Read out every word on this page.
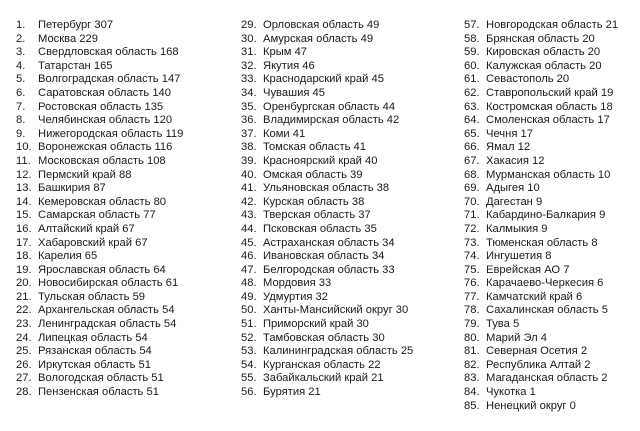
1.	Петербург 307
2.	Москва 229
3.	Свердловская область 168
4.	Татарстан 165
5.	Волгоградская область 147
6.	Саратовская область 140
7.	Ростовская область 135
8.	Челябинская область 120
9.	Нижегородская область 119
10. Воронежская область 116
11. Московская область 108
12. Пермский край 88
13. Башкирия 87
14. Кемеровская область 80
15. Самарская область 77
16. Алтайский край 67
17. Хабаровский край 67
18. Карелия 65
19. Ярославская область 64
20. Новосибирская область 61
21. Тульская область 59
22. Архангельская область 54
23. Ленинградская область 54
24. Липецкая область 54
25. Рязанская область 54
26. Иркутская область 51
27. Вологодская область 51
28. Пензенская область 51
29. Орловская область 49
30. Амурская область 49
31. Крым 47
32. Якутия 46
33. Краснодарский край 45
34. Чувашия 45
35. Оренбургская область 44
36. Владимирская область 42
37. Коми 41
38. Томская область 41
39. Красноярский край 40
40. Омская область 39
41. Ульяновская область 38
42. Курская область 38
43. Тверская область 37
44. Псковская область 35
45. Астраханская область 34
46. Ивановская область 34
47. Белгородская область 33
48. Мордовия 33
49. Удмуртия 32
50. Ханты-Мансийский округ 30
51. Приморский край 30
52. Тамбовская область 30
53. Калининградская область 25
54. Курганская область 22
55. Забайкальский край 21
56. Бурятия 21
57. Новгородская область 21
58. Брянская область 20
59. Кировская область 20
60. Калужская область 20
61. Севастополь 20
62. Ставропольский край 19
63. Костромская область 18
64. Смоленская область 17
65. Чечня 17
66. Ямал 12
67. Хакасия 12
68. Мурманская область 10
69. Адыгея 10
70. Дагестан 9
71. Кабардино-Балкария 9
72. Калмыкия 9
73. Тюменская область 8
74. Ингушетия 8
75. Еврейская АО 7
76. Карачаево-Черкесия 6
77. Камчатский край 6
78. Сахалинская область 5
79. Тува 5
80. Марий Эл 4
81. Северная Осетия 2
82. Республика Алтай 2
83. Магаданская область 2
84. Чукотка 1
85. Ненецкий округ 0
